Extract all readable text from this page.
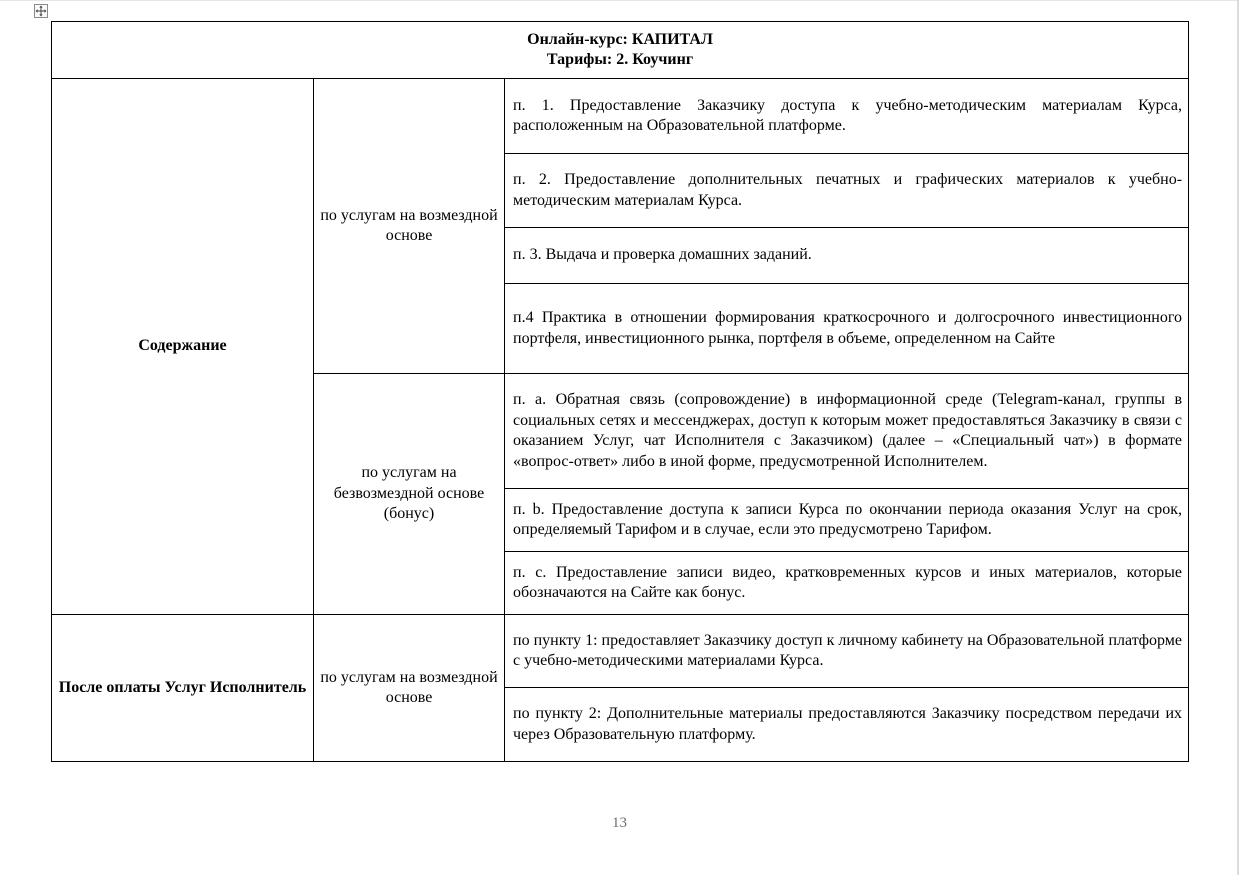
Онлайн-курс: КАПИТАЛ
Тарифы: 2. Коучинг		

Содержание	по услугам на возмездной основе	п. 1. Предоставление Заказчику доступа к учебно-методическим материалам Курса, расположенным на Образовательной платформе.

		п. 2. Предоставление дополнительных печатных и графических материалов к учебно-методическим материалам Курса.

		п. 3. Выдача и проверка домашних заданий.

		п.4 Практика в отношении формирования краткосрочного и долгосрочного инвестиционного портфеля, инвестиционного рынка, портфеля в объеме, определенном на Сайте

	по услугам на безвозмездной основе (бонус)	п. a. Обратная связь (сопровождение) в информационной среде (Telegram-канал, группы в социальных сетях и мессенджерах, доступ к которым может предоставляться Заказчику в связи с оказанием Услуг, чат Исполнителя с Заказчиком) (далее – «Специальный чат») в формате «вопрос-ответ» либо в иной форме, предусмотренной Исполнителем.

		п. b. Предоставление доступа к записи Курса по окончании периода оказания Услуг на срок, определяемый Тарифом и в случае, если это предусмотрено Тарифом.

		п. c. Предоставление записи видео, кратковременных курсов и иных материалов, которые обозначаются на Сайте как бонус.

После оплаты Услуг Исполнитель	по услугам на возмездной основе	по пункту 1: предоставляет Заказчику доступ к личному кабинету на Образовательной платформе с учебно-методическими материалами Курса.

		по пункту 2: Дополнительные материалы предоставляются Заказчику посредством передачи их через Образовательную платформу.
13
